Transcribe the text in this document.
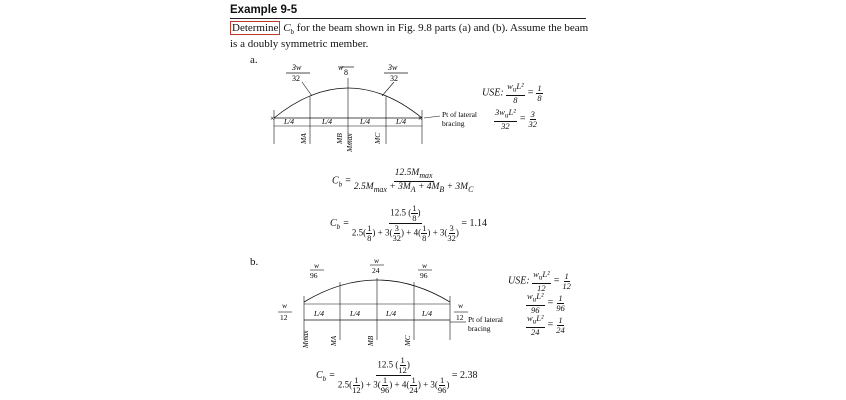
Example 9-5
Determine $C_b$ for the beam shown in Fig. 9.8 parts (a) and (b). Assume the beam is a doubly symmetric member.
a.
3w	w	3w
32
8
32
×	×
L/4	L/4	L/4	L/4
MA	MB Mmax	MC
Pt of lateral
bracing
USE: $\frac{w_uL^2}{8} = \frac{1}{8}$
$\frac{3w_uL^2}{32} = \frac{3}{32}$
$C_b = \frac{12.5M_{max}}{2.5M_{max} + 3M_A + 4M_B + 3M_C}$
$C_b = \frac{12.5 ( \frac{1}{8} )}{2.5( \frac{1}{8} ) + 3( \frac{3}{32} ) + 4( \frac{1}{8} ) + 3( \frac{3}{32} )} = 1.14$
b.	w
96
w
24
w
96
L/4	L/4	L/4	L/4
w
12
w
12
Mmax	MA	MB	MC
Pt of lateral
bracing
USE: $\frac{w_uL^2}{12} = \frac{1}{12}$
$\frac{w_uL^2}{96} = \frac{1}{96}$
$\frac{w_uL^2}{24} = \frac{1}{24}$
$C_b = \frac{12.5 ( \frac{1}{12} )}{2.5( \frac{1}{12} ) + 3( \frac{1}{96} ) + 4( \frac{1}{24} ) + 3( \frac{1}{96} )} = 2.38$
